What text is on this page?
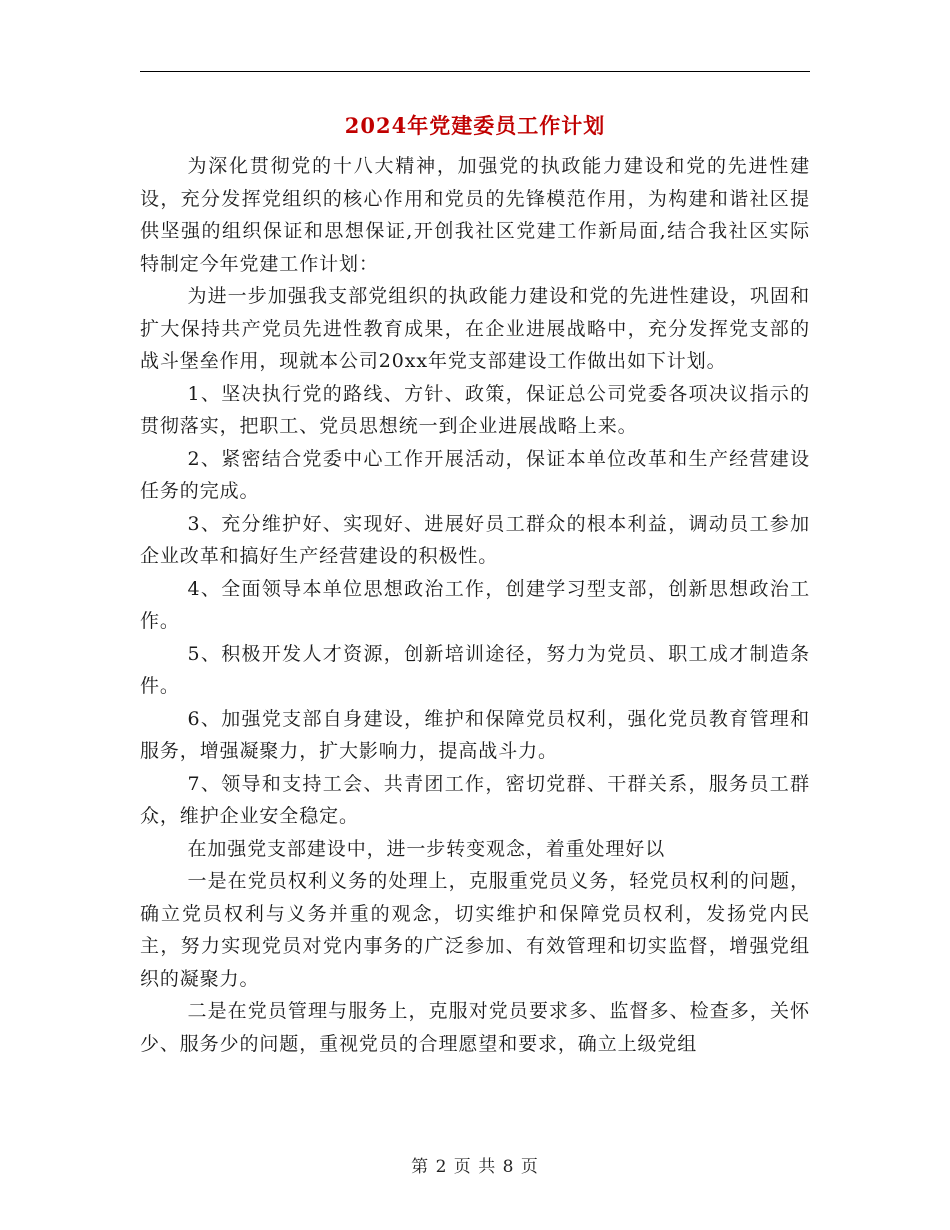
2024年党建委员工作计划

为深化贯彻党的十八大精神，加强党的执政能力建设和党的先进性建设，充分发挥党组织的核心作用和党员的先锋模范作用，为构建和谐社区提供坚强的组织保证和思想保证,开创我社区党建工作新局面,结合我社区实际特制定今年党建工作计划：

为进一步加强我支部党组织的执政能力建设和党的先进性建设，巩固和扩大保持共产党员先进性教育成果，在企业进展战略中，充分发挥党支部的战斗堡垒作用，现就本公司20xx年党支部建设工作做出如下计划。

1、坚决执行党的路线、方针、政策，保证总公司党委各项决议指示的贯彻落实，把职工、党员思想统一到企业进展战略上来。

2、紧密结合党委中心工作开展活动，保证本单位改革和生产经营建设任务的完成。

3、充分维护好、实现好、进展好员工群众的根本利益，调动员工参加企业改革和搞好生产经营建设的积极性。

4、全面领导本单位思想政治工作，创建学习型支部，创新思想政治工作。

5、积极开发人才资源，创新培训途径，努力为党员、职工成才制造条件。

6、加强党支部自身建设，维护和保障党员权利，强化党员教育管理和服务，增强凝聚力，扩大影响力，提高战斗力。

7、领导和支持工会、共青团工作，密切党群、干群关系，服务员工群众，维护企业安全稳定。

在加强党支部建设中，进一步转变观念，着重处理好以

一是在党员权利义务的处理上，克服重党员义务，轻党员权利的问题，确立党员权利与义务并重的观念，切实维护和保障党员权利，发扬党内民主，努力实现党员对党内事务的广泛参加、有效管理和切实监督，增强党组织的凝聚力。

二是在党员管理与服务上，克服对党员要求多、监督多、检查多，关怀少、服务少的问题，重视党员的合理愿望和要求，确立上级党组

第 2 页 共 8 页
